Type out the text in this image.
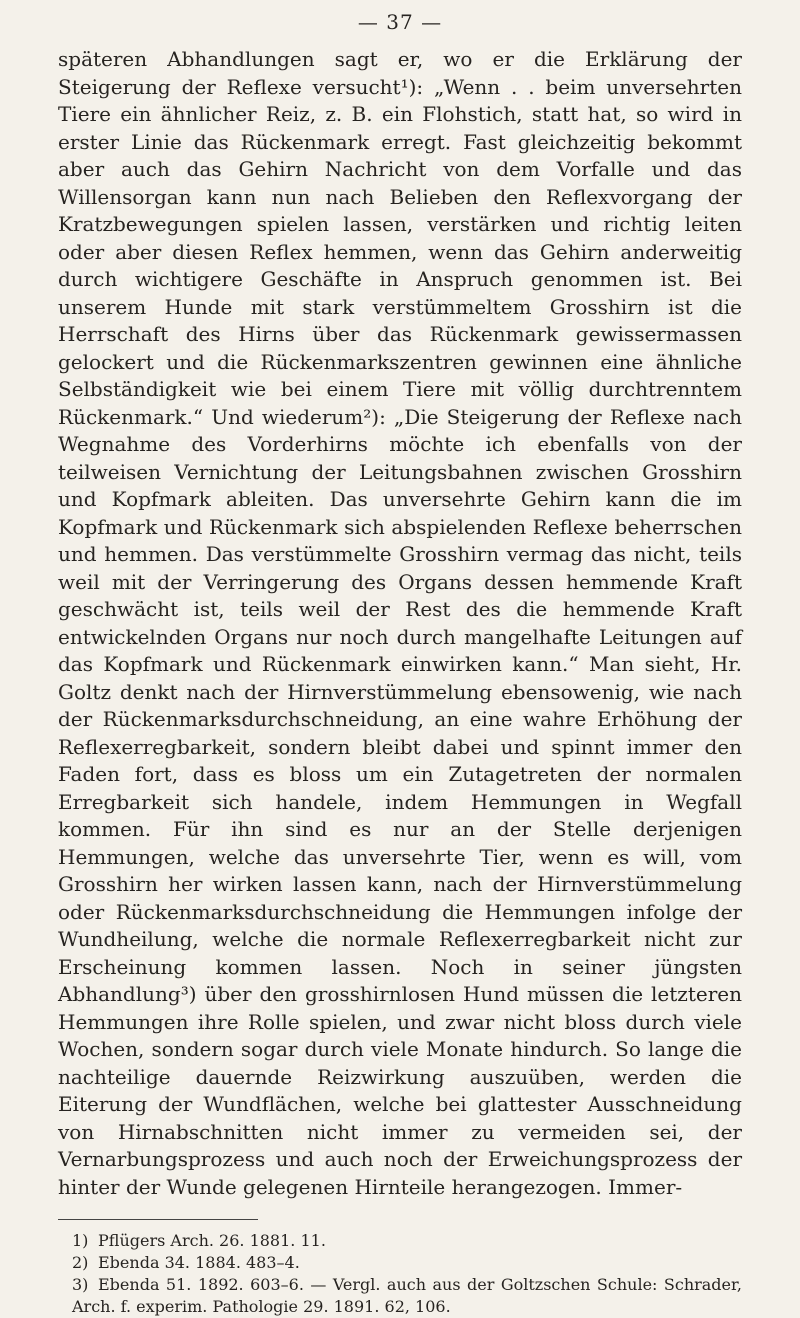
— 37 —

späteren Abhandlungen sagt er, wo er die Erklärung der Steigerung der Reflexe versucht¹): „Wenn . . beim unversehrten Tiere ein ähnlicher Reiz, z. B. ein Flohstich, statt hat, so wird in erster Linie das Rückenmark erregt. Fast gleichzeitig bekommt aber auch das Gehirn Nachricht von dem Vorfalle und das Willensorgan kann nun nach Belieben den Reflexvorgang der Kratzbewegungen spielen lassen, verstärken und richtig leiten oder aber diesen Reflex hemmen, wenn das Gehirn anderweitig durch wichtigere Geschäfte in Anspruch genommen ist. Bei unserem Hunde mit stark verstümmeltem Grosshirn ist die Herrschaft des Hirns über das Rückenmark gewissermassen gelockert und die Rückenmarkszentren gewinnen eine ähnliche Selbständigkeit wie bei einem Tiere mit völlig durchtrenntem Rückenmark.“ Und wiederum²): „Die Steigerung der Reflexe nach Wegnahme des Vorderhirns möchte ich ebenfalls von der teilweisen Vernichtung der Leitungsbahnen zwischen Grosshirn und Kopfmark ableiten. Das unversehrte Gehirn kann die im Kopfmark und Rückenmark sich abspielenden Reflexe beherrschen und hemmen. Das verstümmelte Grosshirn vermag das nicht, teils weil mit der Verringerung des Organs dessen hemmende Kraft geschwächt ist, teils weil der Rest des die hemmende Kraft entwickelnden Organs nur noch durch mangelhafte Leitungen auf das Kopfmark und Rückenmark einwirken kann.“ Man sieht, Hr. Goltz denkt nach der Hirnverstümmelung ebensowenig, wie nach der Rückenmarksdurchschneidung, an eine wahre Erhöhung der Reflexerregbarkeit, sondern bleibt dabei und spinnt immer den Faden fort, dass es bloss um ein Zutagetreten der normalen Erregbarkeit sich handele, indem Hemmungen in Wegfall kommen. Für ihn sind es nur an der Stelle derjenigen Hemmungen, welche das unversehrte Tier, wenn es will, vom Grosshirn her wirken lassen kann, nach der Hirnverstümmelung oder Rückenmarksdurchschneidung die Hemmungen infolge der Wundheilung, welche die normale Reflexerregbarkeit nicht zur Erscheinung kommen lassen. Noch in seiner jüngsten Abhandlung³) über den grosshirnlosen Hund müssen die letzteren Hemmungen ihre Rolle spielen, und zwar nicht bloss durch viele Wochen, sondern sogar durch viele Monate hindurch. So lange die nachteilige dauernde Reizwirkung auszuüben, werden die Eiterung der Wundflächen, welche bei glattester Ausschneidung von Hirnabschnitten nicht immer zu vermeiden sei, der Vernarbungsprozess und auch noch der Erweichungsprozess der hinter der Wunde gelegenen Hirnteile herangezogen. Immer-

1) Pflügers Arch. 26. 1881. 11.
2) Ebenda 34. 1884. 483–4.
3) Ebenda 51. 1892. 603–6. — Vergl. auch aus der Goltzschen Schule: Schrader, Arch. f. experim. Pathologie 29. 1891. 62, 106.
